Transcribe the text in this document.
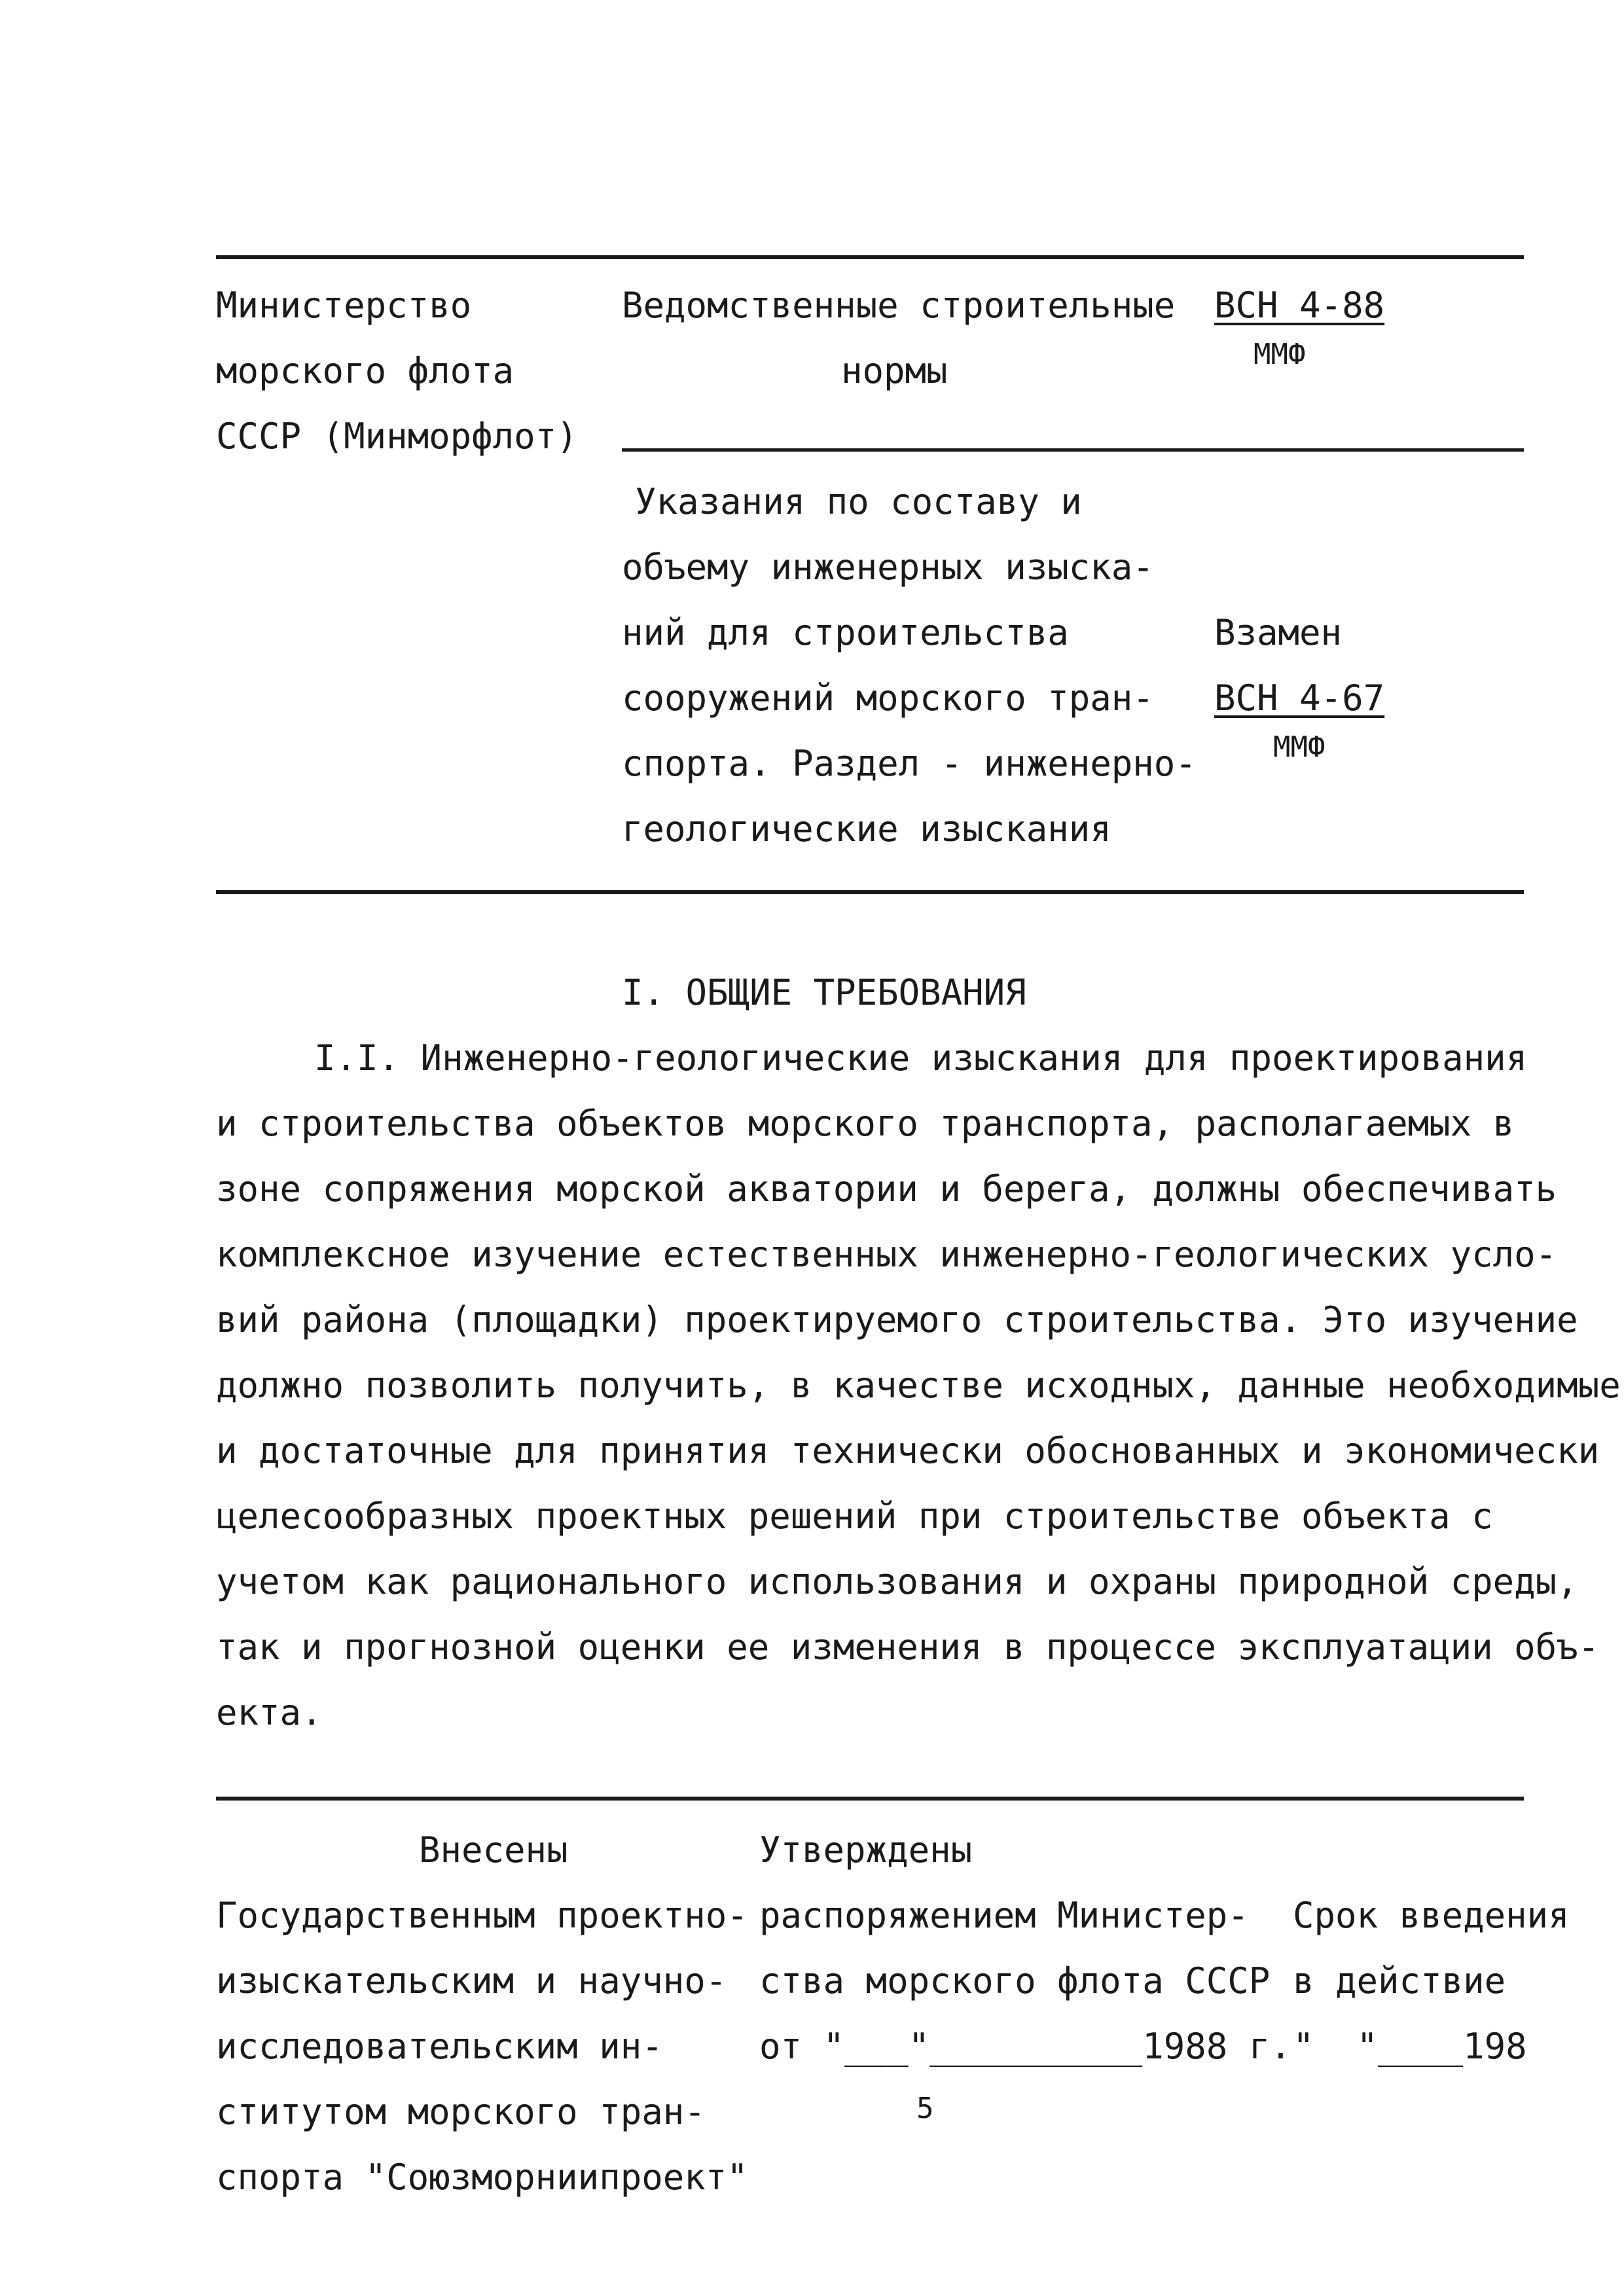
Министерство
морского флота
СССР (Минморфлот)
Ведомственные строительные
нормы
ВСН 4-88
ММФ
Указания по составу и
объему инженерных изыска-
ний для строительства
сооружений морского тран-
спорта. Раздел - инженерно-
геологические изыскания
Взамен
ВСН 4-67
ММФ
I. ОБЩИЕ ТРЕБОВАНИЯ
I.I. Инженерно-геологические изыскания для проектирования
и строительства объектов морского транспорта, располагаемых в
зоне сопряжения морской акватории и берега, должны обеспечивать
комплексное изучение естественных инженерно-геологических усло-
вий района (площадки) проектируемого строительства. Это изучение
должно позволить получить, в качестве исходных, данные необходимые
и достаточные для принятия технически обоснованных и экономически
целесообразных проектных решений при строительстве объекта с
учетом как рационального использования и охраны природной среды,
так и прогнозной оценки ее изменения в процессе эксплуатации объ-
екта.
Внесены
Государственным проектно-
изыскательским и научно-
исследовательским ин-
ститутом морского тран-
спорта "Союзморниипроект"
Утверждены
распоряжением Министер-
ства морского флота СССР
от "___"__________1988 г.
5
Срок введения
в действие
"  "____198
